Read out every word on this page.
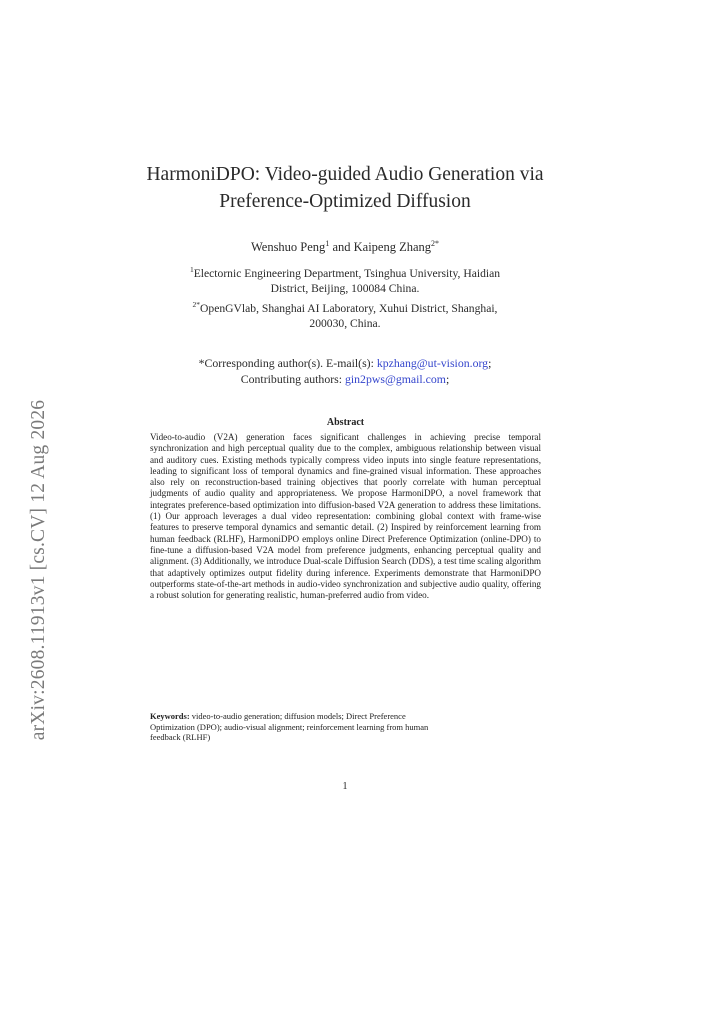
arXiv:2608.11913v1 [cs.CV] 12 Aug 2026
HarmoniDPO: Video-guided Audio Generation via
Preference-Optimized Diffusion
Wenshuo Peng$^1$ and Kaipeng Zhang$^{2*}$
$^1$Electornic Engineering Department, Tsinghua University, Haidian
District, Beijing, 100084 China.
$^{2*}$OpenGVlab, Shanghai AI Laboratory, Xuhui District, Shanghai,
200030, China.
*Corresponding author(s). E-mail(s): kpzhang@ut-vision.org;
Contributing authors: gin2pws@gmail.com;
Abstract

Video-to-audio (V2A) generation faces significant challenges in achieving precise temporal synchronization and high perceptual quality due to the complex, ambiguous relationship between visual and auditory cues. Existing methods typically compress video inputs into single feature representations, leading to significant loss of temporal dynamics and fine-grained visual information. These approaches also rely on reconstruction-based training objectives that poorly correlate with human perceptual judgments of audio quality and appropriateness. We propose HarmoniDPO, a novel framework that integrates preference-based optimization into diffusion-based V2A generation to address these limitations. (1) Our approach leverages a dual video representation: combining global context with frame-wise features to preserve temporal dynamics and semantic detail. (2) Inspired by reinforcement learning from human feedback (RLHF), HarmoniDPO employs online Direct Preference Optimization (online-DPO) to fine-tune a diffusion-based V2A model from preference judgments, enhancing perceptual quality and alignment. (3) Additionally, we introduce Dual-scale Diffusion Search (DDS), a test time scaling algorithm that adaptively optimizes output fidelity during inference. Experiments demonstrate that HarmoniDPO outperforms state-of-the-art methods in audio-video synchronization and subjective audio quality, offering a robust solution for generating realistic, human-preferred audio from video.

Keywords: video-to-audio generation; diffusion models; Direct Preference
Optimization (DPO); audio-visual alignment; reinforcement learning from human
feedback (RLHF)
1
